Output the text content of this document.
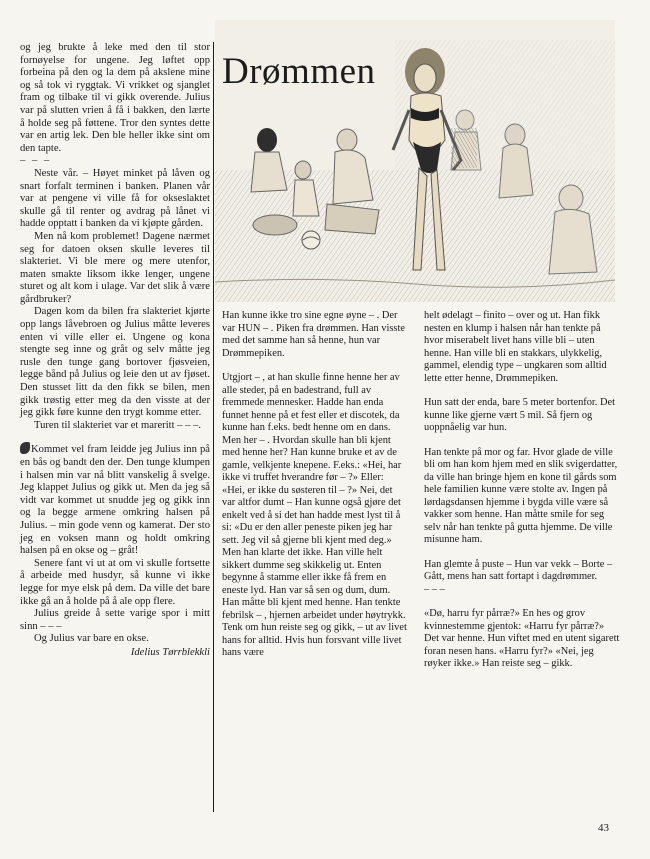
og jeg brukte å leke med den til stor fornøyelse for ungene. Jeg løftet opp forbeina på den og la dem på akslene mine og så tok vi ryggtak. Vi vrikket og sjanglet fram og tilbake til vi gikk overende. Julius var på slutten vrien å få i bakken, den lærte å holde seg på føttene. Tror den syntes dette var en artig lek. Den ble heller ikke sint om den tapte.

– – –

Neste vår. – Høyet minket på låven og snart forfalt terminen i banken. Planen vår var at pengene vi ville få for okseslaktet skulle gå til renter og avdrag på lånet vi hadde opptatt i banken da vi kjøpte gården.

Men nå kom problemet! Dagene nærmet seg for datoen oksen skulle leveres til slakteriet. Vi ble mere og mere utenfor, maten smakte liksom ikke lenger, ungene sturet og alt kom i ulage. Var det slik å være gårdbruker?

Dagen kom da bilen fra slakteriet kjørte opp langs låvebroen og Julius måtte leveres enten vi ville eller ei. Ungene og kona stengte seg inne og gråt og selv måtte jeg rusle den tunge gang bortover fjøsveien, legge bånd på Julius og leie den ut av fjøset. Den stusset litt da den fikk se bilen, men gikk trøstig etter meg da den visste at der jeg gikk føre kunne den trygt komme etter.

Turen til slakteriet var et mareritt – – –.

Kommet vel fram leidde jeg Julius inn på en bås og bandt den der. Den tunge klumpen i halsen min var nå blitt vanskelig å svelge. Jeg klappet Julius og gikk ut. Men da jeg så vidt var kommet ut snudde jeg og gikk inn og la begge armene omkring halsen på Julius. – min gode venn og kamerat. Der sto jeg en voksen mann og holdt omkring halsen på en okse og – gråt!

Senere fant vi ut at om vi skulle fortsette å arbeide med husdyr, så kunne vi ikke legge for mye elsk på dem. Da ville det bare ikke gå an å holde på å ale opp flere.

Julius greide å sette varige spor i mitt sinn – – –

Og Julius var bare en okse.

Idelius Tørrblekkli

Drømmen

Han kunne ikke tro sine egne øyne – . Der var HUN – . Piken fra drømmen. Han visste med det samme han så henne, hun var Drømmepiken.

Utgjort – , at han skulle finne henne her av alle steder, på en badestrand, full av fremmede mennesker. Hadde han enda funnet henne på et fest eller et discotek, da kunne han f.eks. bedt henne om en dans.

Men her – . Hvordan skulle han bli kjent med henne her? Han kunne bruke et av de gamle, velkjente knepene. F.eks.: «Hei, har ikke vi truffet hverandre før – ?» Eller: «Hei, er ikke du søsteren til – ?» Nei, det var altfor dumt – Han kunne også gjøre det enkelt ved å si det han hadde mest lyst til å si: «Du er den aller peneste piken jeg har sett. Jeg vil så gjerne bli kjent med deg.» Men han klarte det ikke. Han ville helt sikkert dumme seg skikkelig ut. Enten begynne å stamme eller ikke få frem en eneste lyd. Han var så sen og dum, dum. Han måtte bli kjent med henne. Han tenkte febrilsk – , hjernen arbeidet under høytrykk. Tenk om hun reiste seg og gikk, – ut av livet hans for alltid. Hvis hun forsvant ville livet hans være

helt ødelagt – finito – over og ut. Han fikk nesten en klump i halsen når han tenkte på hvor miserabelt livet hans ville bli – uten henne. Han ville bli en stakkars, ulykkelig, gammel, elendig type – ungkaren som alltid lette etter henne, Drømmepiken.

Hun satt der enda, bare 5 meter bortenfor. Det kunne like gjerne vært 5 mil. Så fjern og uoppnåelig var hun.

Han tenkte på mor og far. Hvor glade de ville bli om han kom hjem med en slik svigerdatter, da ville han bringe hjem en kone til gårds som hele familien kunne være stolte av. Ingen på lørdagsdansen hjemme i bygda ville være så vakker som henne. Han måtte smile for seg selv når han tenkte på gutta hjemme. De ville misunne ham.

Han glemte å puste – Hun var vekk – Borte – Gått, mens han satt fortapt i dagdrømmer.

– – –

«Dø, harru fyr pårræ?» En hes og grov kvinnestemme gjentok: «Harru fyr pårræ?» Det var henne. Hun viftet med en utent sigarett foran nesen hans. «Harru fyr?» «Nei, jeg røyker ikke.» Han reiste seg – gikk.

43
